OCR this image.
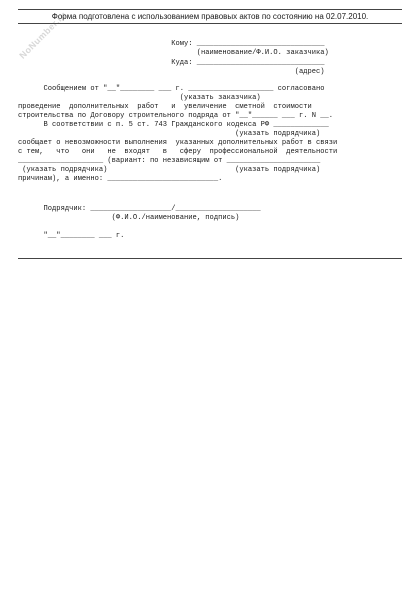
NoNumber.ru
Форма подготовлена с использованием правовых актов по состоянию на 02.07.2010.

Кому: ______________________________

(наименование/Ф.И.О. заказчика)

Куда: ______________________________

(адрес)

Сообщением от "__"________ ___ г. ____________________ согласовано

(указать заказчика)

проведение  дополнительных  работ   и  увеличение  сметной  стоимости

строительства по Договору строительного подряда от "__"______ ___ г. N __.

В соответствии с п. 5 ст. 743 Гражданского кодекса РФ _____________

(указать подрядчика)

сообщает о невозможности выполнения  указанных дополнительных работ в связи

с тем,   что   они   не  входят   в   сферу  профессиональной  деятельности

____________________ (вариант: по независящим от ______________________

(указать подрядчика)                              (указать подрядчика)

причинам), а именно: __________________________.

Подрядчик: ___________________/____________________

(Ф.И.О./наименование, подпись)

"__"________ ___ г.
